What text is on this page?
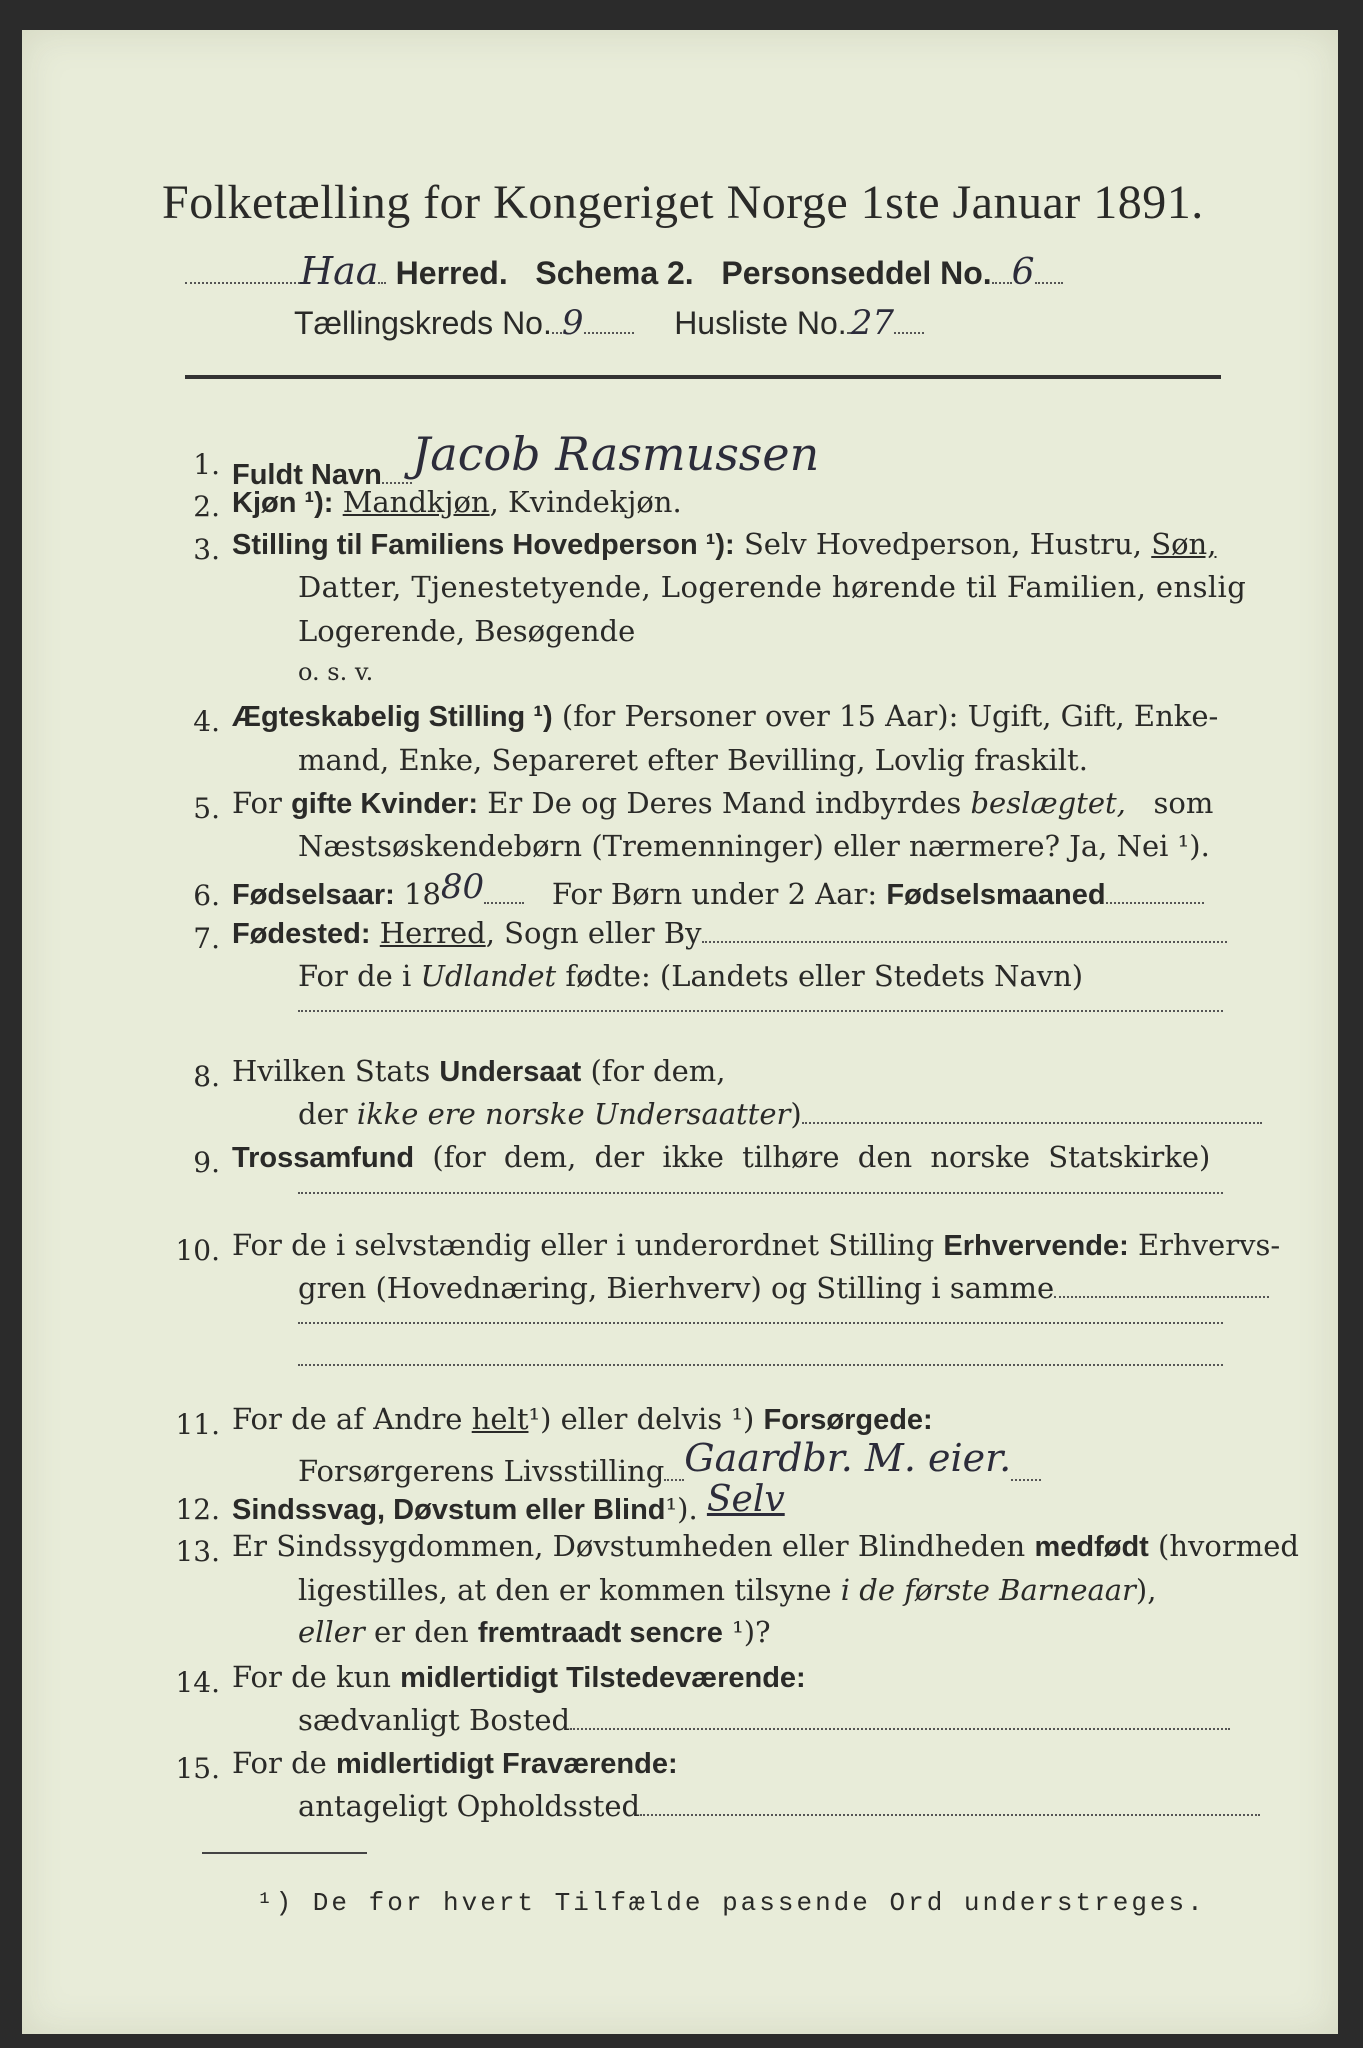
Folketælling for Kongeriget Norge 1ste Januar 1891.
Haa Herred. Schema 2. Personseddel No. 6
Tællingskreds No. 9	Husliste No. 27
1. Fuldt Navn Jacob Rasmussen
2. Kjøn ¹): Mandkjøn, Kvindekjøn.
3. Stilling til Familiens Hovedperson ¹): Selv Hovedperson, Hustru, Søn,
Datter, Tjenestetyende, Logerende hørende til Familien, enslig
Logerende, Besøgende
o. s. v.
4. Ægteskabelig Stilling ¹) (for Personer over 15 Aar): Ugift, Gift, Enke-
mand, Enke, Separeret efter Bevilling, Lovlig fraskilt.
5. For gifte Kvinder: Er De og Deres Mand indbyrdes beslægtet, som
Næstsøskendebørn (Tremenninger) eller nærmere? Ja, Nei ¹).
6. Fødselsaar: 1880 For Børn under 2 Aar: Fødselsmaaned
7. Fødested: Herred, Sogn eller By
For de i Udlandet fødte: (Landets eller Stedets Navn)
8. Hvilken Stats Undersaat (for dem,
der ikke ere norske Undersaatter)
9. Trossamfund (for dem, der ikke tilhøre den norske Statskirke)
10. For de i selvstændig eller i underordnet Stilling Erhvervende: Erhvervs-
gren (Hovednæring, Bierhverv) og Stilling i samme
11. For de af Andre helt¹) eller delvis ¹) Forsørgede:
Forsørgerens Livsstilling Gaardbr. M. eier.
12. Sindssvag, Døvstum eller Blind¹). Selv
13. Er Sindssygdommen, Døvstumheden eller Blindheden medfødt (hvormed
ligestilles, at den er kommen tilsyne i de første Barneaar),
eller er den fremtraadt sencre ¹)?
14. For de kun midlertidigt Tilstedeværende:
sædvanligt Bosted
15. For de midlertidigt Fraværende:
antageligt Opholdssted
¹) De for hvert Tilfælde passende Ord understreges.
